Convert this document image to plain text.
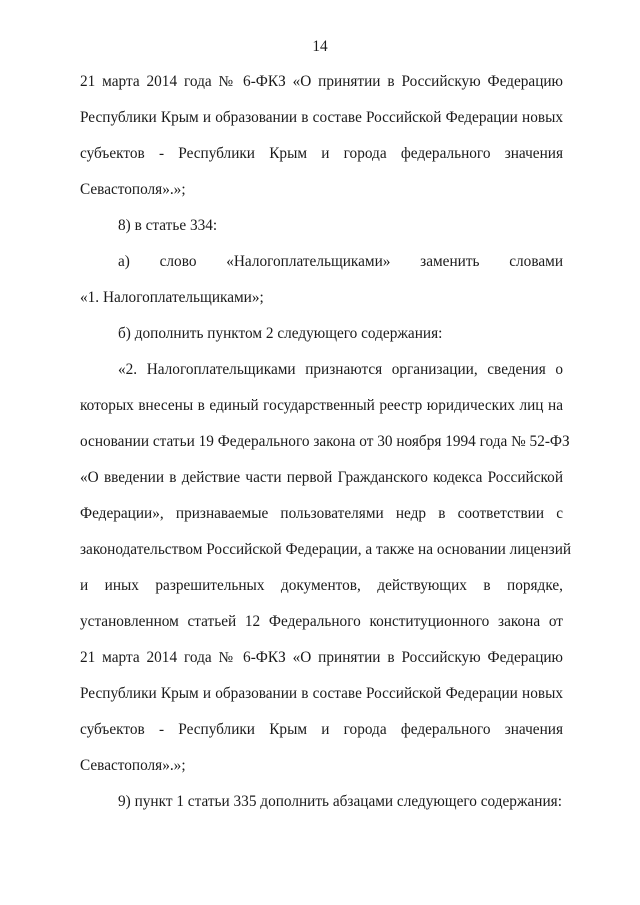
14
21 марта 2014 года № 6-ФКЗ «О принятии в Российскую Федерацию
Республики Крым и образовании в составе Российской Федерации новых
субъектов - Республики Крым и города федерального значения
Севастополя».»;
8) в статье 334:
а) слово «Налогоплательщиками» заменить словами
«1. Налогоплательщиками»;
б) дополнить пунктом 2 следующего содержания:
«2. Налогоплательщиками признаются организации, сведения о
которых внесены в единый государственный реестр юридических лиц на
основании статьи 19 Федерального закона от 30 ноября 1994 года № 52-ФЗ
«О введении в действие части первой Гражданского кодекса Российской
Федерации», признаваемые пользователями недр в соответствии с
законодательством Российской Федерации, а также на основании лицензий
и иных разрешительных документов, действующих в порядке,
установленном статьей 12 Федерального конституционного закона от
21 марта 2014 года № 6-ФКЗ «О принятии в Российскую Федерацию
Республики Крым и образовании в составе Российской Федерации новых
субъектов - Республики Крым и города федерального значения
Севастополя».»;
9) пункт 1 статьи 335 дополнить абзацами следующего содержания:
